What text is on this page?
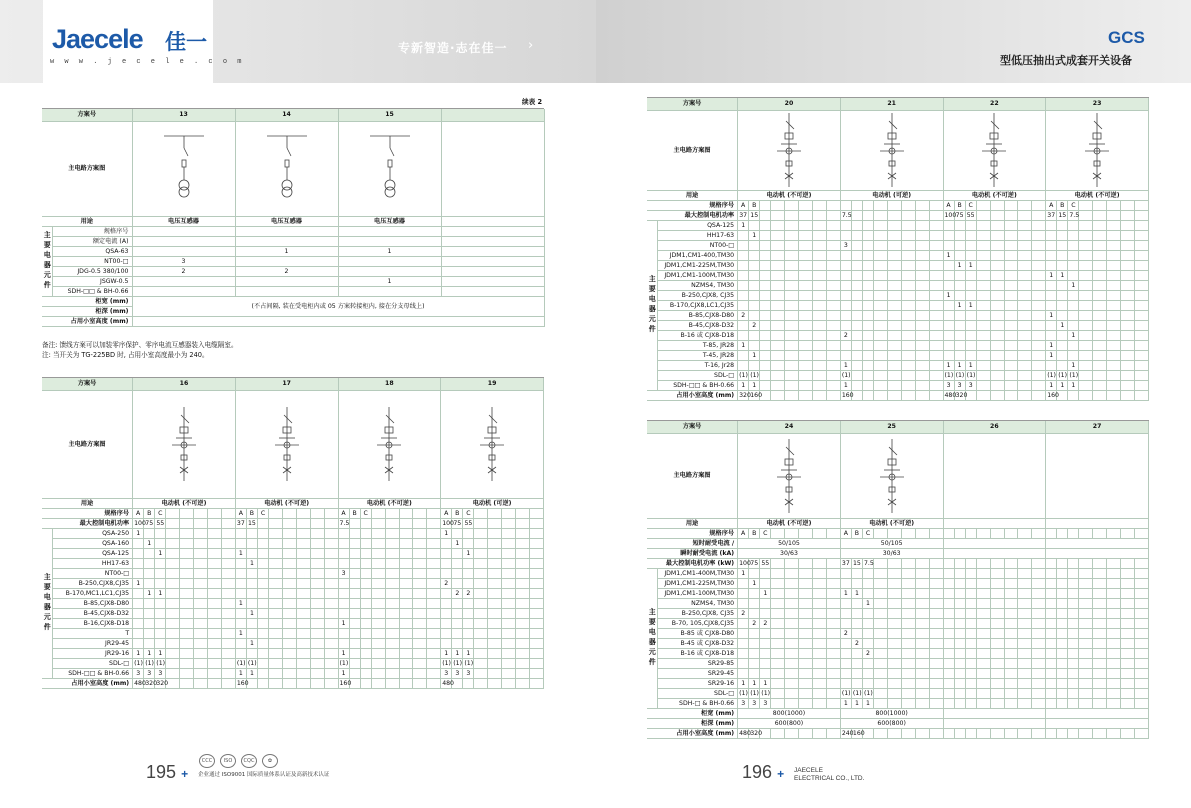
Jaecele 佳一
w w w . j e c e l e . c o m
专新智造·志在佳一 ›	GCS
型低压抽出式成套开关设备
续表 2
方案号		13	14	15	
主电路方案图	

用途		电压互感器	电压互感器	电压互感器	
主要电器元件	规格序号				
	额定电流 (A)				
	QSA-63		1	1	
	NT00-□	3			
	JDG-0.5 380/100	2	2		
	JSGW-0.5			1	
	SDH-□□ & BH-0.66				
柜宽 (mm)		(不占间隔, 装在受电柜内或 05 方案转接柜内, 接在分支母线上)			
柜深 (mm)					
占用小室高度 (mm)					
备注: 馈线方案可以加装零序保护、零序电流互感器装入电缆隔室。
注: 当开关为 TG-225BD 时, 占用小室高度最小为 240。
方案号		16								17								18								19							
主电路方案图	

用途		电动机 (不可逆)								电动机 (不可逆)								电动机 (不可逆)								电动机 (可逆)							
规格序号		A	B	C						A	B	C						A	B	C						A	B	C					
最大控制电机功率		100	75	55						37	15							7.5								100	75	55					
主要电器元件	QSA-250	1																								1							
	QSA-160		1																								1						
	QSA-125			1						1																		1					
	HH17-63										1																						
	NT00-□																	3															
	B-250,CJX8,CJ35	1																								2							
	B-170,MC1,LC1,CJ35		1	1																							2	2					
	B-85,CJX8-D80									1																							
	B-45,CJX8-D32										1																						
	B-16,CJX8-D18																	1															
	T									1																							
	JR29-45										1																						
	JR29-16	1	1	1														1								1	1	1					
	SDL-□	(1)	(1)	(1)						(1)	(1)							(1)								(1)	(1)	(1)					
	SDH-□□ & BH-0.66	3	3	3						1	1							1								3	3	3					
占用小室高度 (mm)		480	320	320						160								160								480							
方案号		20								21								22								23							
主电路方案图	

用途		电动机 (不可逆)								电动机 (可逆)								电动机 (不可逆)								电动机 (不可逆)							
规格序号		A	B															A	B	C						A	B	C					
最大控制电机功率		37	15							7.5								100	75	55						37	15	7.5					
主要电器元件	QSA-125	1																															
	HH17-63		1																														
	NT00-□									3																							
	JDM1,CM1-400,TM30																	1															
	JDM1,CM1-225M,TM30																		1	1													
	JDM1,CM1-100M,TM30																									1	1						
	NZMS4, TM30																											1					
	B-250,CJX8, CJ35																	1															
	B-170,CJX8,LC1,CJ35																		1	1													
	B-85,CJX8-D80	2																								1							
	B-45,CJX8-D32		2																								1						
	B-16 或 CJX8-D18									2																		1					
	T-85, JR28	1																								1							
	T-45, JR28		1																							1							
	T-16, Jr28									1								1	1	1								1					
	SDL-□	(1)	(1)							(1)								(1)	(1)	(1)						(1)	(1)	(1)					
	SDH-□□ & BH-0.66	1	1							1								3	3	3						1	1	1					
占用小室高度 (mm)		320	160							160								480	320							160							
方案号		24								25								26								27							
主电路方案图	

用途		电动机 (不可逆)								电动机 (不可逆)																							
规格序号		A	B	C						A	B	C																					
短时耐受电流 /		50/105								50/105																							
瞬时耐受电流 (kA)		30/63								30/63																							
最大控制电机功率 (kW)		100	75	55						37	15	7.5																					
主要电器元件	JDM1,CM1-400M,TM30	1																															
	JDM1,CM1-225M,TM30		1																														
	JDM1,CM1-100M,TM30			1						1	1																						
	NZMS4, TM30											1																					
	B-250,CJX8, CJ35	2																															
	B-70, 105,CJX8,CJ35		2	2																													
	B-85 或 CJX8-D80									2																							
	B-45 或 CJX8-D32										2																						
	B-16 或 CJX8-D18											2																					
	SR29-85																																
	SR29-45																																
	SR29-16	1	1	1																													
	SDL-□	(1)	(1)	(1)						(1)	(1)	(1)																					
	SDH-□ & BH-0.66	3	3	3						1	1	1																					
柜宽 (mm)		800(1000)								800(1000)																							
柜深 (mm)		600(800)								600(800)																							
占用小室高度 (mm)		480	320							240	160																						
195 +
CCC	ISO	CQC	✿
企业通过 ISO9001 国际质量体系认证及高新技术认证	196 + JAECELE
ELECTRICAL CO., LTD.
